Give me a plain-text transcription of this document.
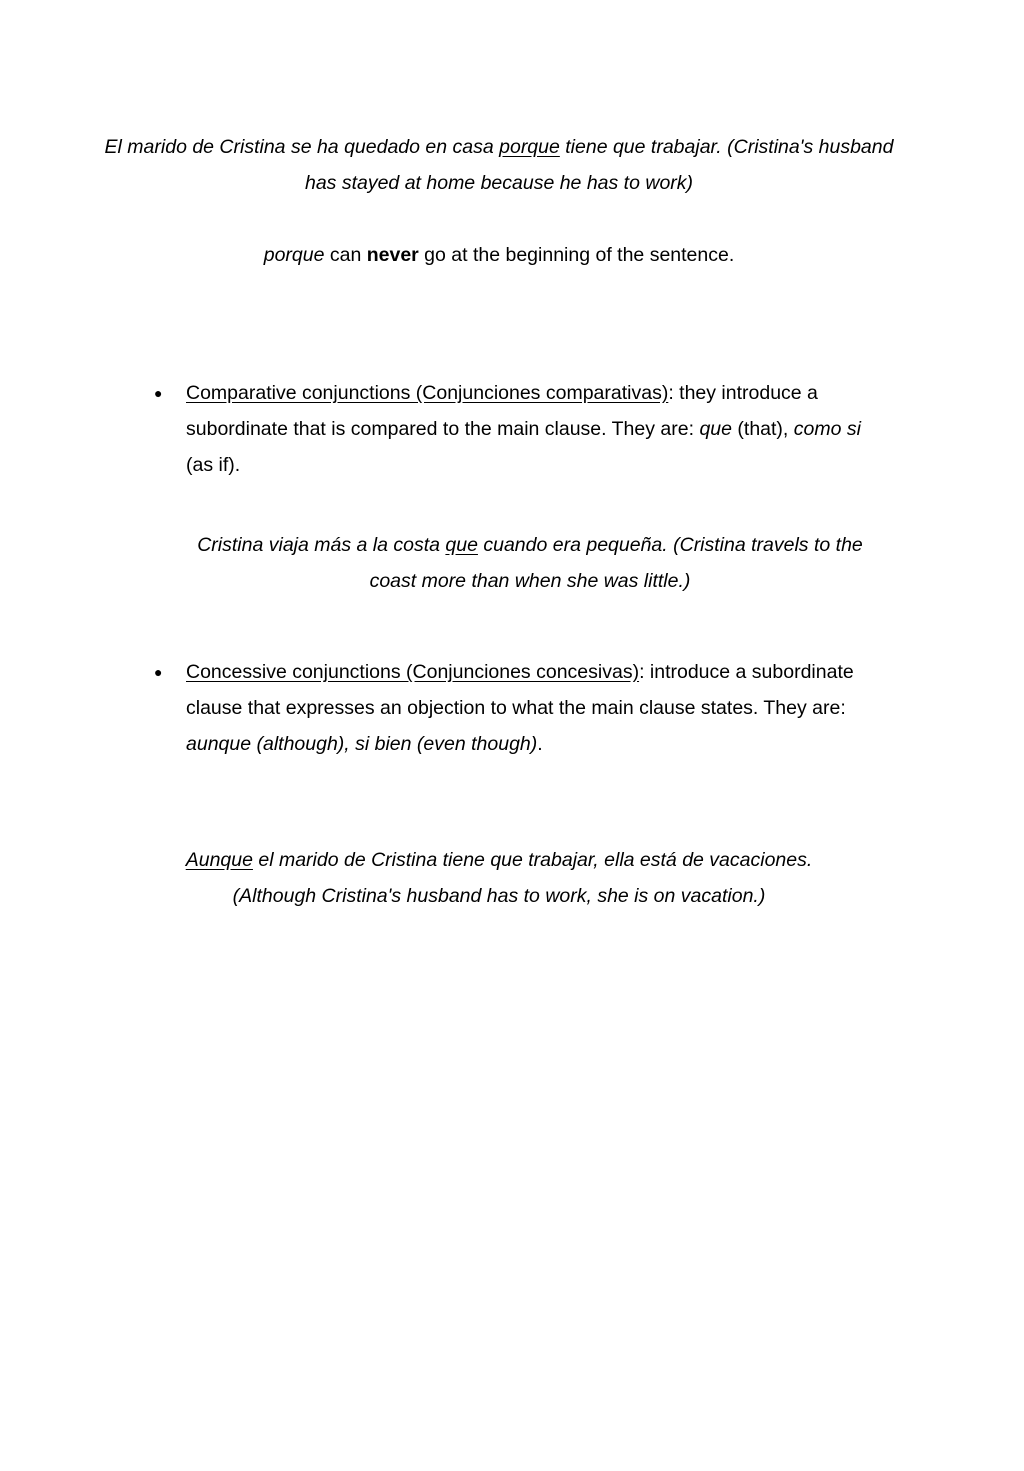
El marido de Cristina se ha quedado en casa porque tiene que trabajar. (Cristina's husband has stayed at home because he has to work)
porque can never go at the beginning of the sentence.
● Comparative conjunctions (Conjunciones comparativas): they introduce a subordinate that is compared to the main clause. They are: que (that), como si (as if).
Cristina viaja más a la costa que cuando era pequeña. (Cristina travels to the coast more than when she was little.)
● Concessive conjunctions (Conjunciones concesivas): introduce a subordinate clause that expresses an objection to what the main clause states. They are: aunque (although), si bien (even though).
Aunque el marido de Cristina tiene que trabajar, ella está de vacaciones.
(Although Cristina's husband has to work, she is on vacation.)
